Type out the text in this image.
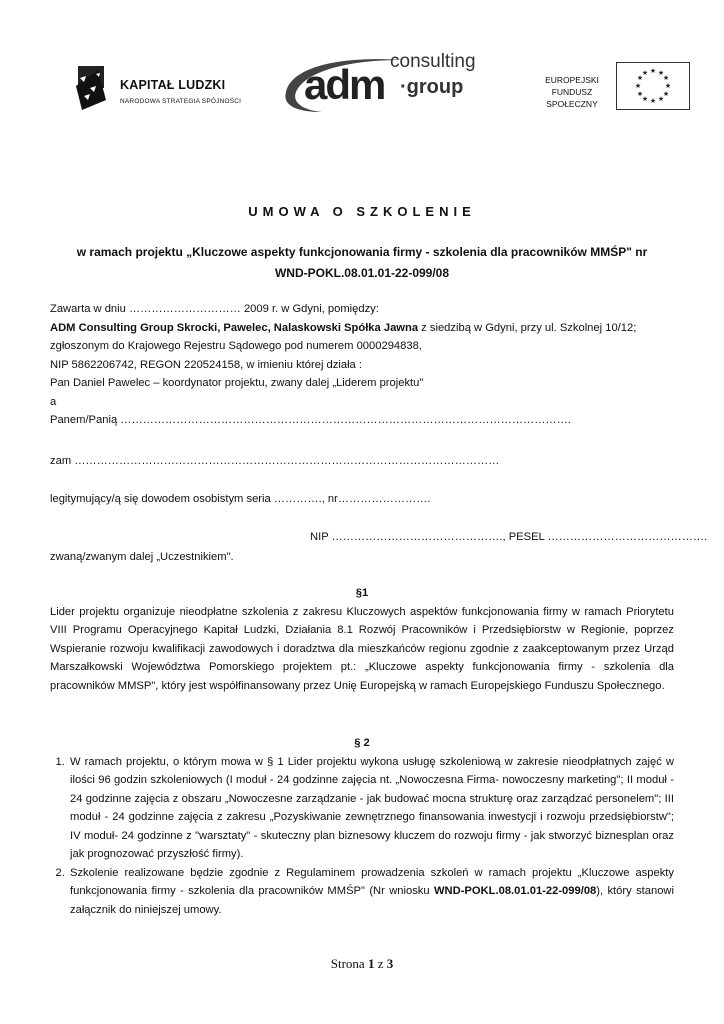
KAPITAŁ LUDZKI
NARODOWA STRATEGIA SPÓJNOŚCI adm consulting
·group	EUROPEJSKI
FUNDUSZ SPOŁECZNY
★ ★
★
★
★
★
★
★
★
★
★
★
UMOWA O SZKOLENIE
w ramach projektu „Kluczowe aspekty funkcjonowania firmy - szkolenia dla pracowników MMŚP" nr
WND-POKL.08.01.01-22-099/08
Zawarta w dniu ………………………… 2009 r. w Gdyni, pomiędzy:
ADM Consulting Group Skrocki, Pawelec, Nalaskowski Spółka Jawna z siedzibą w Gdyni, przy ul. Szkolnej 10/12;
zgłoszonym do Krajowego Rejestru Sądowego pod numerem 0000294838,
NIP 5862206742, REGON 220524158, w imieniu której działa :
Pan Daniel Pawelec – koordynator projektu, zwany dalej „Liderem projektu"
a
Panem/Panią ………………………………………………………………………………………………………….
zam ……………………………………………………………………………………………………
legitymujący/ą się dowodem osobistym seria …………., nr…………………….
NIP ………………………………………., PESEL …………………………………….
zwaną/zwanym dalej „Uczestnikiem".
§1
Lider projektu organizuje nieodpłatne szkolenia z zakresu Kluczowych aspektów funkcjonowania firmy w ramach Priorytetu VIII Programu Operacyjnego Kapitał Ludzki, Działania 8.1 Rozwój Pracowników i Przedsiębiorstw w Regionie, poprzez Wspieranie rozwoju kwalifikacji zawodowych i doradztwa dla mieszkańców regionu zgodnie z zaakceptowanym przez Urząd Marszałkowski Województwa Pomorskiego projektem pt.: „Kluczowe aspekty funkcjonowania firmy - szkolenia dla pracowników MMSP", który jest współfinansowany przez Unię Europejską w ramach Europejskiego Funduszu Społecznego.
§ 2
1. W ramach projektu, o którym mowa w § 1 Lider projektu wykona usługę szkoleniową w zakresie nieodpłatnych zajęć w ilości 96 godzin szkoleniowych (I moduł - 24 godzinne zajęcia nt. „Nowoczesna Firma- nowoczesny marketing"; II moduł - 24 godzinne zajęcia z obszaru „Nowoczesne zarządzanie - jak budować mocna strukturę oraz zarządzać personelem"; III moduł - 24 godzinne zajęcia z zakresu „Pozyskiwanie zewnętrznego finansowania inwestycji i rozwoju przedsiębiorstw"; IV moduł- 24 godzinne z "warsztaty" - skuteczny plan biznesowy kluczem do rozwoju firmy - jak stworzyć biznesplan oraz jak prognozować przyszłość firmy).
2. Szkolenie realizowane będzie zgodnie z Regulaminem prowadzenia szkoleń w ramach projektu „Kluczowe aspekty funkcjonowania firmy - szkolenia dla pracowników MMŚP" (Nr wniosku WND-POKL.08.01.01-22-099/08), który stanowi załącznik do niniejszej umowy.
Strona 1 z 3
